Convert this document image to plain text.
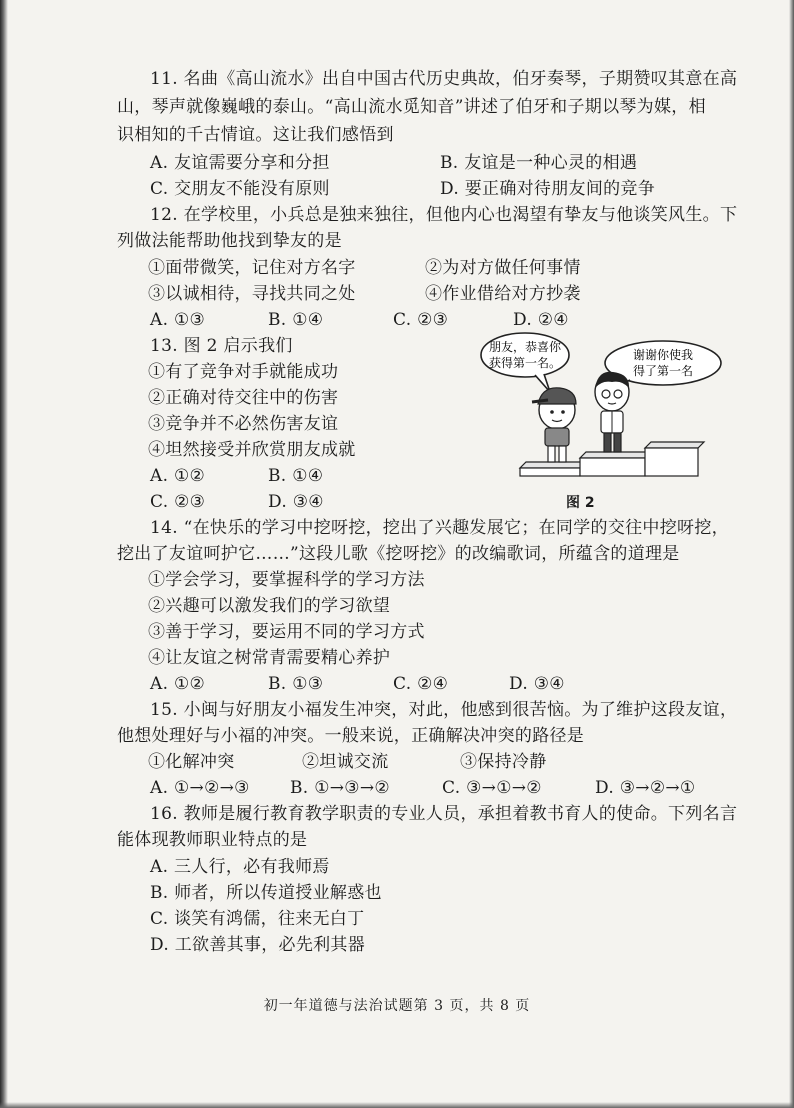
11. 名曲《高山流水》出自中国古代历史典故，伯牙奏琴，子期赞叹其意在高
山，琴声就像巍峨的泰山。“高山流水觅知音”讲述了伯牙和子期以琴为媒，相
识相知的千古情谊。这让我们感悟到
A. 友谊需要分享和分担	B. 友谊是一种心灵的相遇
C. 交朋友不能没有原则	D. 要正确对待朋友间的竞争
12. 在学校里，小兵总是独来独往，但他内心也渴望有挚友与他谈笑风生。下
列做法能帮助他找到挚友的是
①面带微笑，记住对方名字	②为对方做任何事情
③以诚相待，寻找共同之处	④作业借给对方抄袭
A. ①③	B. ①④	C. ②③	D. ②④
13. 图 2 启示我们
①有了竞争对手就能成功
②正确对待交往中的伤害
③竞争并不必然伤害友谊
④坦然接受并欣赏朋友成就
A. ①②	B. ①④
C. ②③	D. ③④
朋友，恭喜你
获得第一名。
谢谢你使我
得了第一名
图 2
14. “在快乐的学习中挖呀挖，挖出了兴趣发展它；在同学的交往中挖呀挖，
挖出了友谊呵护它……”这段儿歌《挖呀挖》的改编歌词，所蕴含的道理是
①学会学习，要掌握科学的学习方法
②兴趣可以激发我们的学习欲望
③善于学习，要运用不同的学习方式
④让友谊之树常青需要精心养护
A. ①②	B. ①③	C. ②④	D. ③④
15. 小闽与好朋友小福发生冲突，对此，他感到很苦恼。为了维护这段友谊，
他想处理好与小福的冲突。一般来说，正确解决冲突的路径是
①化解冲突	②坦诚交流	③保持冷静
A. ①→②→③ B. ①→③→②	C. ③→①→②	D. ③→②→①
16. 教师是履行教育教学职责的专业人员，承担着教书育人的使命。下列名言
能体现教师职业特点的是
A. 三人行，必有我师焉
B. 师者，所以传道授业解惑也
C. 谈笑有鸿儒，往来无白丁
D. 工欲善其事，必先利其器
初一年道德与法治试题第 3 页，共 8 页
